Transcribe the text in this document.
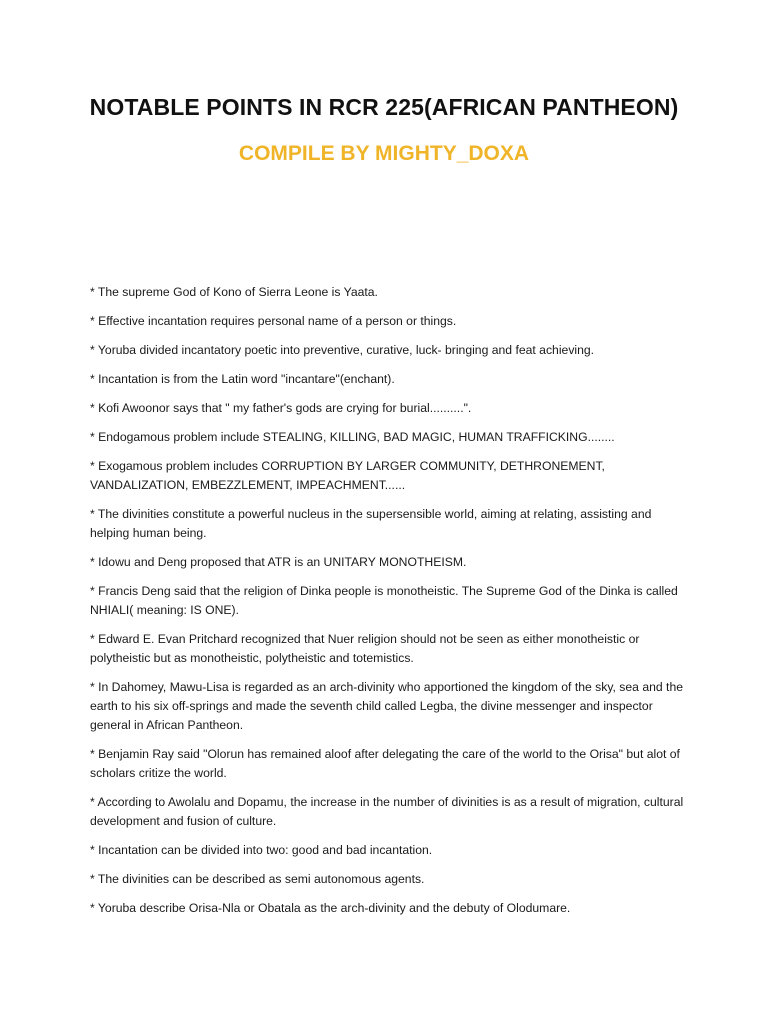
NOTABLE POINTS IN RCR 225(AFRICAN PANTHEON)
COMPILE BY MIGHTY_DOXA
* The supreme God of Kono of Sierra Leone is Yaata.
* Effective incantation requires personal name of a person or things.
* Yoruba divided incantatory poetic into preventive, curative, luck- bringing and feat achieving.
* Incantation is from the Latin word "incantare"(enchant).
* Kofi Awoonor says that " my father's gods are crying for burial..........".
* Endogamous problem include STEALING, KILLING, BAD MAGIC, HUMAN TRAFFICKING........
* Exogamous problem includes CORRUPTION BY LARGER COMMUNITY, DETHRONEMENT, VANDALIZATION, EMBEZZLEMENT, IMPEACHMENT......
* The divinities constitute a powerful nucleus in the supersensible world, aiming at relating, assisting and helping human being.
* Idowu and Deng proposed that ATR is an UNITARY MONOTHEISM.
* Francis Deng said that the religion of Dinka people is monotheistic. The Supreme God of the Dinka is called NHIALI( meaning: IS ONE).
* Edward E. Evan Pritchard recognized that Nuer religion should not be seen as either monotheistic or polytheistic but as monotheistic, polytheistic and totemistics.
* In Dahomey, Mawu-Lisa is regarded as an arch-divinity who apportioned the kingdom of the sky, sea and the earth to his six off-springs and made the seventh child called Legba, the divine messenger and inspector general in African Pantheon.
* Benjamin Ray said "Olorun has remained aloof after delegating the care of the world to the Orisa" but alot of scholars critize the world.
* According to Awolalu and Dopamu, the increase in the number of divinities is as a result of migration, cultural development and fusion of culture.
* Incantation can be divided into two: good and bad incantation.
* The divinities can be described as semi autonomous agents.
* Yoruba describe Orisa-Nla or Obatala as the arch-divinity and the debuty of Olodumare.
